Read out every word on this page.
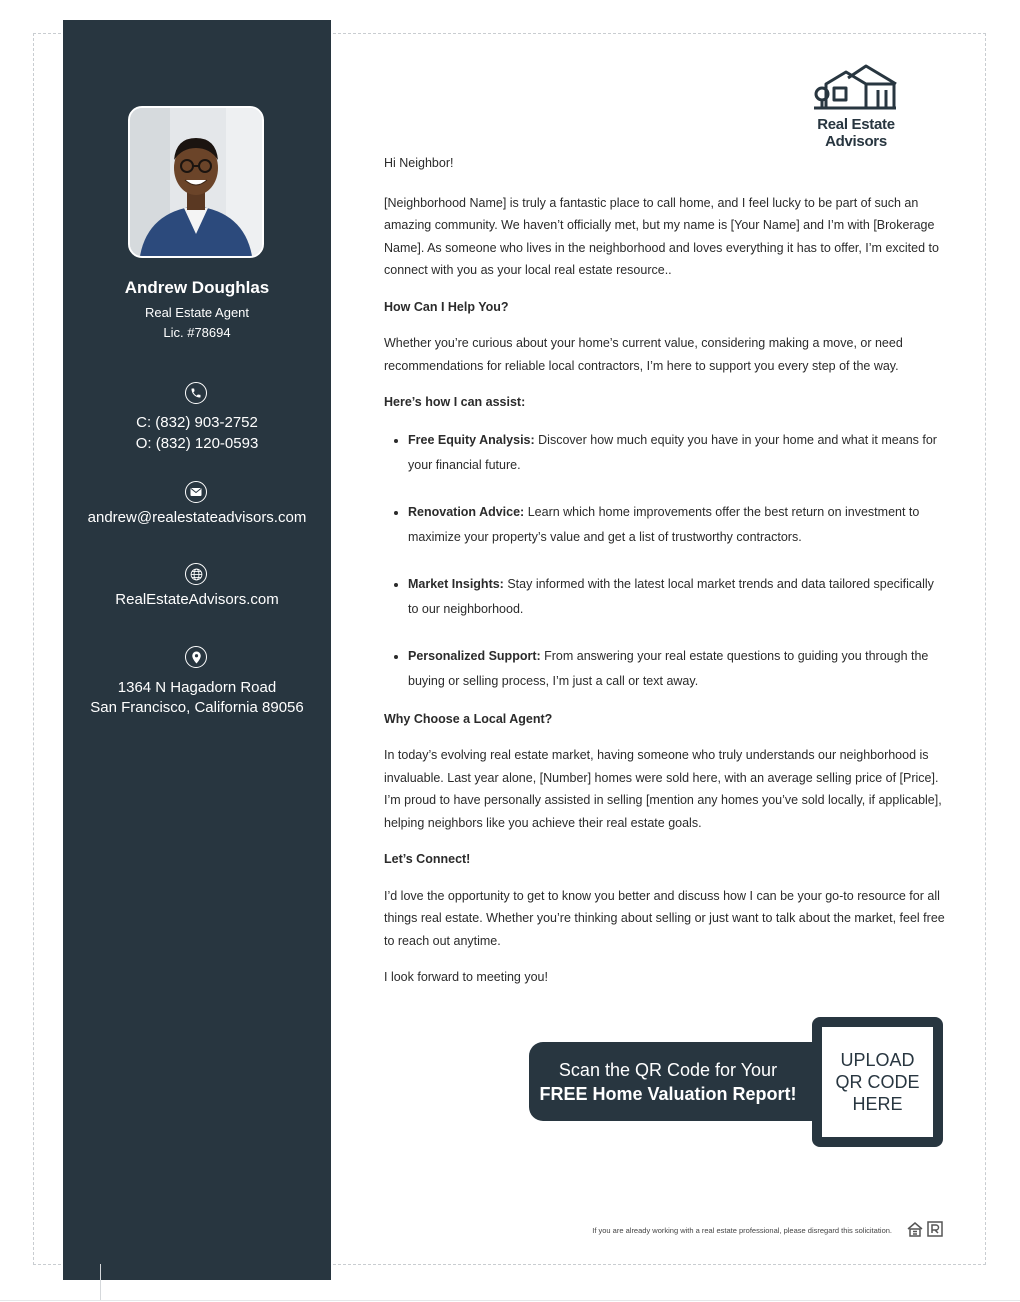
Andrew Doughlas
Real Estate Agent
Lic. #78694
C: (832) 903-2752
O: (832) 120-0593
andrew@realestateadvisors.com
RealEstateAdvisors.com
1364 N Hagadorn Road
San Francisco, California 89056
Real Estate Advisors

Hi Neighbor!

[Neighborhood Name] is truly a fantastic place to call home, and I feel lucky to be part of such an amazing community. We haven’t officially met, but my name is [Your Name] and I’m with [Brokerage Name]. As someone who lives in the neighborhood and loves everything it has to offer, I’m excited to connect with you as your local real estate resource..

How Can I Help You?

Whether you’re curious about your home’s current value, considering making a move, or need recommendations for reliable local contractors, I’m here to support you every step of the way.

Here’s how I can assist:

• Free Equity Analysis: Discover how much equity you have in your home and what it means for your financial future.
• Renovation Advice: Learn which home improvements offer the best return on investment to maximize your property’s value and get a list of trustworthy contractors.
• Market Insights: Stay informed with the latest local market trends and data tailored specifically to our neighborhood.
• Personalized Support: From answering your real estate questions to guiding you through the buying or selling process, I’m just a call or text away.

Why Choose a Local Agent?

In today’s evolving real estate market, having someone who truly understands our neighborhood is invaluable. Last year alone, [Number] homes were sold here, with an average selling price of [Price]. I’m proud to have personally assisted in selling [mention any homes you’ve sold locally, if applicable], helping neighbors like you achieve their real estate goals.

Let’s Connect!

I’d love the opportunity to get to know you better and discuss how I can be your go-to resource for all things real estate. Whether you’re thinking about selling or just want to talk about the market, feel free to reach out anytime.

I look forward to meeting you!

Scan the QR Code for Your
FREE Home Valuation Report!
UPLOAD QR CODE HERE
If you are already working with a real estate professional, please disregard this solicitation.
